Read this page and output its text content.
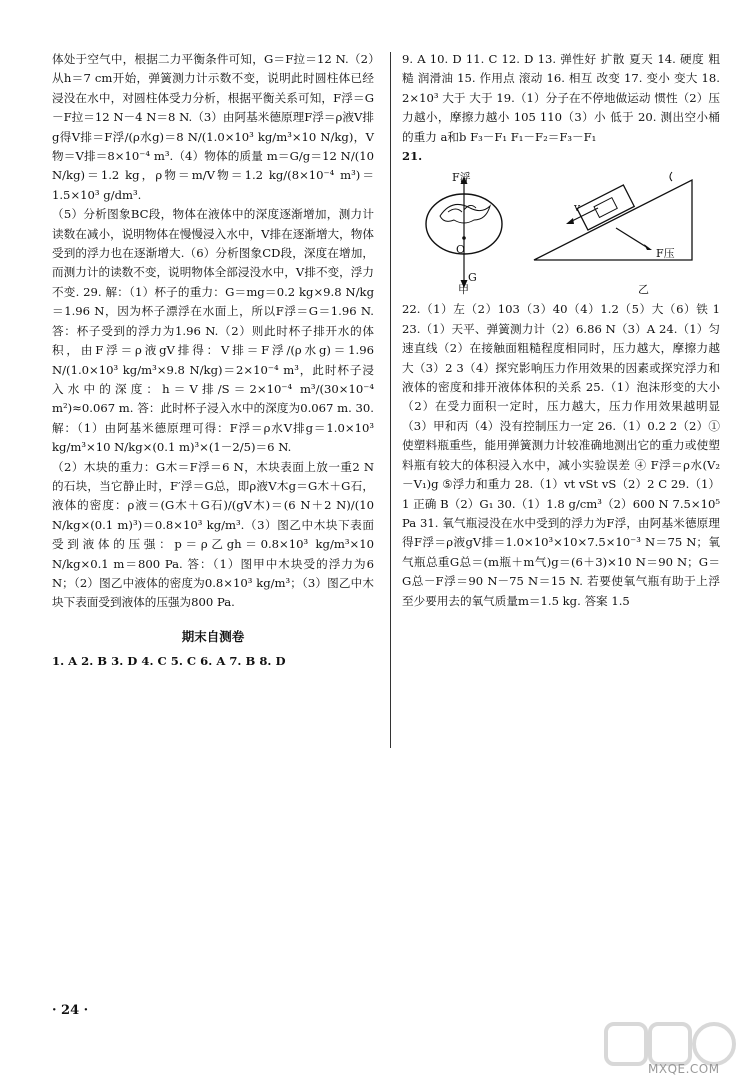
体处于空气中，根据二力平衡条件可知，G＝F拉＝12 N.（2）从h＝7 cm开始，弹簧测力计示数不变，说明此时圆柱体已经浸没在水中，对圆柱体受力分析，根据平衡关系可知，F浮＝G－F拉＝12 N－4 N＝8 N.（3）由阿基米德原理F浮＝ρ液V排g得V排＝F浮/(ρ水g)＝8 N/(1.0×10³ kg/m³×10 N/kg)，V物＝V排＝8×10⁻⁴ m³.（4）物体的质量 m＝G/g＝12 N/(10 N/kg)＝1.2 kg，ρ物＝m/V物＝1.2 kg/(8×10⁻⁴ m³)＝1.5×10³ g/dm³.

（5）分析图象BC段，物体在液体中的深度逐渐增加，测力计读数在减小，说明物体在慢慢浸入水中，V排在逐渐增大，物体受到的浮力也在逐渐增大.（6）分析图象CD段，深度在增加，而测力计的读数不变，说明物体全部浸没水中，V排不变，浮力不变. 29. 解：（1）杯子的重力：G＝mg＝0.2 kg×9.8 N/kg＝1.96 N，因为杯子漂浮在水面上，所以F浮＝G＝1.96 N. 答：杯子受到的浮力为1.96 N.（2）则此时杯子排开水的体积，由F浮＝ρ液gV排得：V排＝F浮/(ρ水g)＝1.96 N/(1.0×10³ kg/m³×9.8 N/kg)＝2×10⁻⁴ m³，此时杯子浸入水中的深度：h＝V排/S＝2×10⁻⁴ m³/(30×10⁻⁴ m²)≈0.067 m. 答：此时杯子浸入水中的深度为0.067 m. 30. 解：（1）由阿基米德原理可得：F浮＝ρ水V排g＝1.0×10³ kg/m³×10 N/kg×(0.1 m)³×(1－2/5)＝6 N.

（2）木块的重力：G木＝F浮＝6 N，木块表面上放一重2 N的石块，当它静止时，F′浮＝G总，即ρ液V木g＝G木＋G石，液体的密度：ρ液＝(G木＋G石)/(gV木)＝(6 N＋2 N)/(10 N/kg×(0.1 m)³)＝0.8×10³ kg/m³.（3）图乙中木块下表面受到液体的压强：p＝ρ乙gh＝0.8×10³ kg/m³×10 N/kg×0.1 m＝800 Pa. 答：（1）图甲中木块受的浮力为6 N；（2）图乙中液体的密度为0.8×10³ kg/m³；（3）图乙中木块下表面受到液体的压强为800 Pa.

期末自测卷

1. A 2. B 3. D 4. C 5. C 6. A 7. B 8. D

9. A 10. D 11. C 12. D 13. 弹性好 扩散 夏天 14. 硬度 粗糙 润滑油 15. 作用点 滚动 16. 相互 改变 17. 变小 变大 18. 2×10³ 大于 大于 19.（1）分子在不停地做运动 惯性（2）压力越小，摩擦力越小 105 110（3）小 低于 20. 测出空小桶的重力 a和b F₃－F₁ F₁－F₂＝F₃－F₁

21.
F浮
O
G
v
F压
甲	乙

22.（1）左（2）103（3）40（4）1.2（5）大（6）铁 1 23.（1）天平、弹簧测力计（2）6.86 N（3）A 24.（1）匀速直线（2）在接触面粗糙程度相同时，压力越大，摩擦力越大（3）2 3（4）探究影响压力作用效果的因素或探究浮力和液体的密度和排开液体体积的关系 25.（1）泡沫形变的大小（2）在受力面积一定时，压力越大，压力作用效果越明显（3）甲和丙（4）没有控制压力一定 26.（1）0.2 2（2）①使塑料瓶重些，能用弹簧测力计较准确地测出它的重力或使塑料瓶有较大的体积浸入水中，减小实验误差 ④ F浮＝ρ水(V₂－V₁)g ⑤浮力和重力 28.（1）vt vSt vS（2）2 C 29.（1）1 正确 B（2）G₁ 30.（1）1.8 g/cm³（2）600 N 7.5×10⁵ Pa 31. 氧气瓶浸没在水中受到的浮力为F浮，由阿基米德原理得F浮＝ρ液gV排＝1.0×10³×10×7.5×10⁻³ N＝75 N；氧气瓶总重G总＝(m瓶＋m气)g＝(6＋3)×10 N＝90 N；G＝G总－F浮＝90 N－75 N＝15 N. 若要使氧气瓶有助于上浮至少要用去的氧气质量m＝1.5 kg. 答案 1.5

· 24 ·
MXQE.COM
